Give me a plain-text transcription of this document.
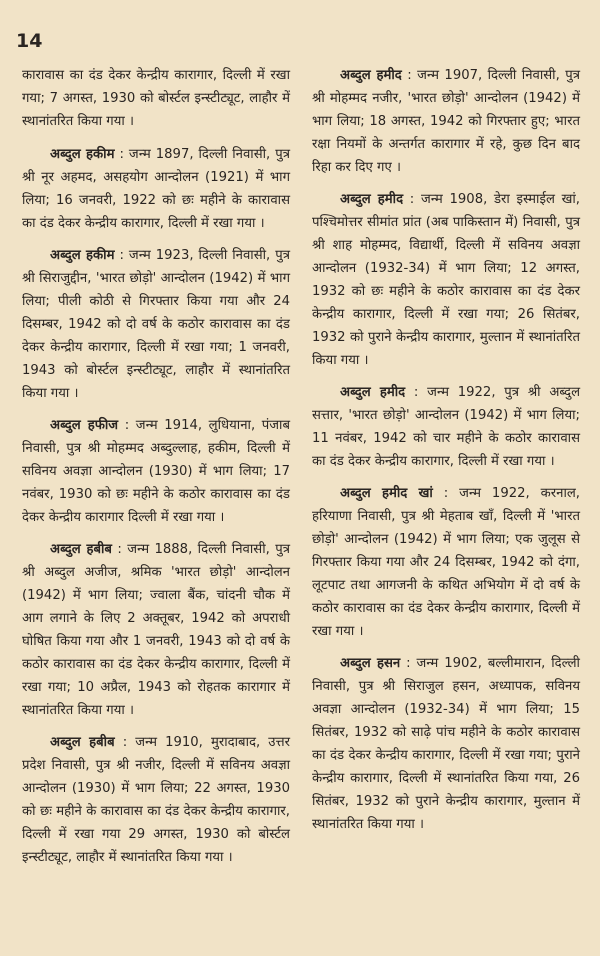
14

कारावास का दंड देकर केन्द्रीय कारागार, दिल्ली में रखा गया; 7 अगस्त, 1930 को बोर्स्टल इन्स्टीट्यूट, लाहौर में स्थानांतरित किया गया ।

अब्दुल हकीम : जन्म 1897, दिल्ली निवासी, पुत्र श्री नूर अहमद, असहयोग आन्दोलन (1921) में भाग लिया; 16 जनवरी, 1922 को छः महीने के कारावास का दंड देकर केन्द्रीय कारागार, दिल्ली में रखा गया ।

अब्दुल हकीम : जन्म 1923, दिल्ली निवासी, पुत्र श्री सिराजुद्दीन, 'भारत छोड़ो' आन्दोलन (1942) में भाग लिया; पीली कोठी से गिरफ्तार किया गया और 24 दिसम्बर, 1942 को दो वर्ष के कठोर कारावास का दंड देकर केन्द्रीय कारागार, दिल्ली में रखा गया; 1 जनवरी, 1943 को बोर्स्टल इन्स्टीट्यूट, लाहौर में स्थानांतरित किया गया ।

अब्दुल हफीज : जन्म 1914, लुधियाना, पंजाब निवासी, पुत्र श्री मोहम्मद अब्दुल्लाह, हकीम, दिल्ली में सविनय अवज्ञा आन्दोलन (1930) में भाग लिया; 17 नवंबर, 1930 को छः महीने के कठोर कारावास का दंड देकर केन्द्रीय कारागार दिल्ली में रखा गया ।

अब्दुल हबीब : जन्म 1888, दिल्ली निवासी, पुत्र श्री अब्दुल अजीज, श्रमिक 'भारत छोड़ो' आन्दोलन (1942) में भाग लिया; ज्वाला बैंक, चांदनी चौक में आग लगाने के लिए 2 अक्तूबर, 1942 को अपराधी घोषित किया गया और 1 जनवरी, 1943 को दो वर्ष के कठोर कारावास का दंड देकर केन्द्रीय कारागार, दिल्ली में रखा गया; 10 अप्रैल, 1943 को रोहतक कारागार में स्थानांतरित किया गया ।

अब्दुल हबीब : जन्म 1910, मुरादाबाद, उत्तर प्रदेश निवासी, पुत्र श्री नजीर, दिल्ली में सविनय अवज्ञा आन्दोलन (1930) में भाग लिया; 22 अगस्त, 1930 को छः महीने के कारावास का दंड देकर केन्द्रीय कारागार, दिल्ली में रखा गया 29 अगस्त, 1930 को बोर्स्टल इन्स्टीट्यूट, लाहौर में स्थानांतरित किया गया ।

अब्दुल हमीद : जन्म 1907, दिल्ली निवासी, पुत्र श्री मोहम्मद नजीर, 'भारत छोड़ो' आन्दोलन (1942) में भाग लिया; 18 अगस्त, 1942 को गिरफ्तार हुए; भारत रक्षा नियमों के अन्तर्गत कारागार में रहे, कुछ दिन बाद रिहा कर दिए गए ।

अब्दुल हमीद : जन्म 1908, डेरा इस्माईल खां, पश्चिमोत्तर सीमांत प्रांत (अब पाकिस्तान में) निवासी, पुत्र श्री शाह मोहम्मद, विद्यार्थी, दिल्ली में सविनय अवज्ञा आन्दोलन (1932-34) में भाग लिया; 12 अगस्त, 1932 को छः महीने के कठोर कारावास का दंड देकर केन्द्रीय कारागार, दिल्ली में रखा गया; 26 सितंबर, 1932 को पुराने केन्द्रीय कारागार, मुल्तान में स्थानांतरित किया गया ।

अब्दुल हमीद : जन्म 1922, पुत्र श्री अब्दुल सत्तार, 'भारत छोड़ो' आन्दोलन (1942) में भाग लिया; 11 नवंबर, 1942 को चार महीने के कठोर कारावास का दंड देकर केन्द्रीय कारागार, दिल्ली में रखा गया ।

अब्दुल हमीद खां : जन्म 1922, करनाल, हरियाणा निवासी, पुत्र श्री मेहताब खाँ, दिल्ली में 'भारत छोड़ो' आन्दोलन (1942) में भाग लिया; एक जुलूस से गिरफ्तार किया गया और 24 दिसम्बर, 1942 को दंगा, लूटपाट तथा आगजनी के कथित अभियोग में दो वर्ष के कठोर कारावास का दंड देकर केन्द्रीय कारागार, दिल्ली में रखा गया ।

अब्दुल हसन : जन्म 1902, बल्लीमारान, दिल्ली निवासी, पुत्र श्री सिराजुल हसन, अध्यापक, सविनय अवज्ञा आन्दोलन (1932-34) में भाग लिया; 15 सितंबर, 1932 को साढ़े पांच महीने के कठोर कारावास का दंड देकर केन्द्रीय कारागार, दिल्ली में रखा गया; पुराने केन्द्रीय कारागार, दिल्ली में स्थानांतरित किया गया, 26 सितंबर, 1932 को पुराने केन्द्रीय कारागार, मुल्तान में स्थानांतरित किया गया ।
